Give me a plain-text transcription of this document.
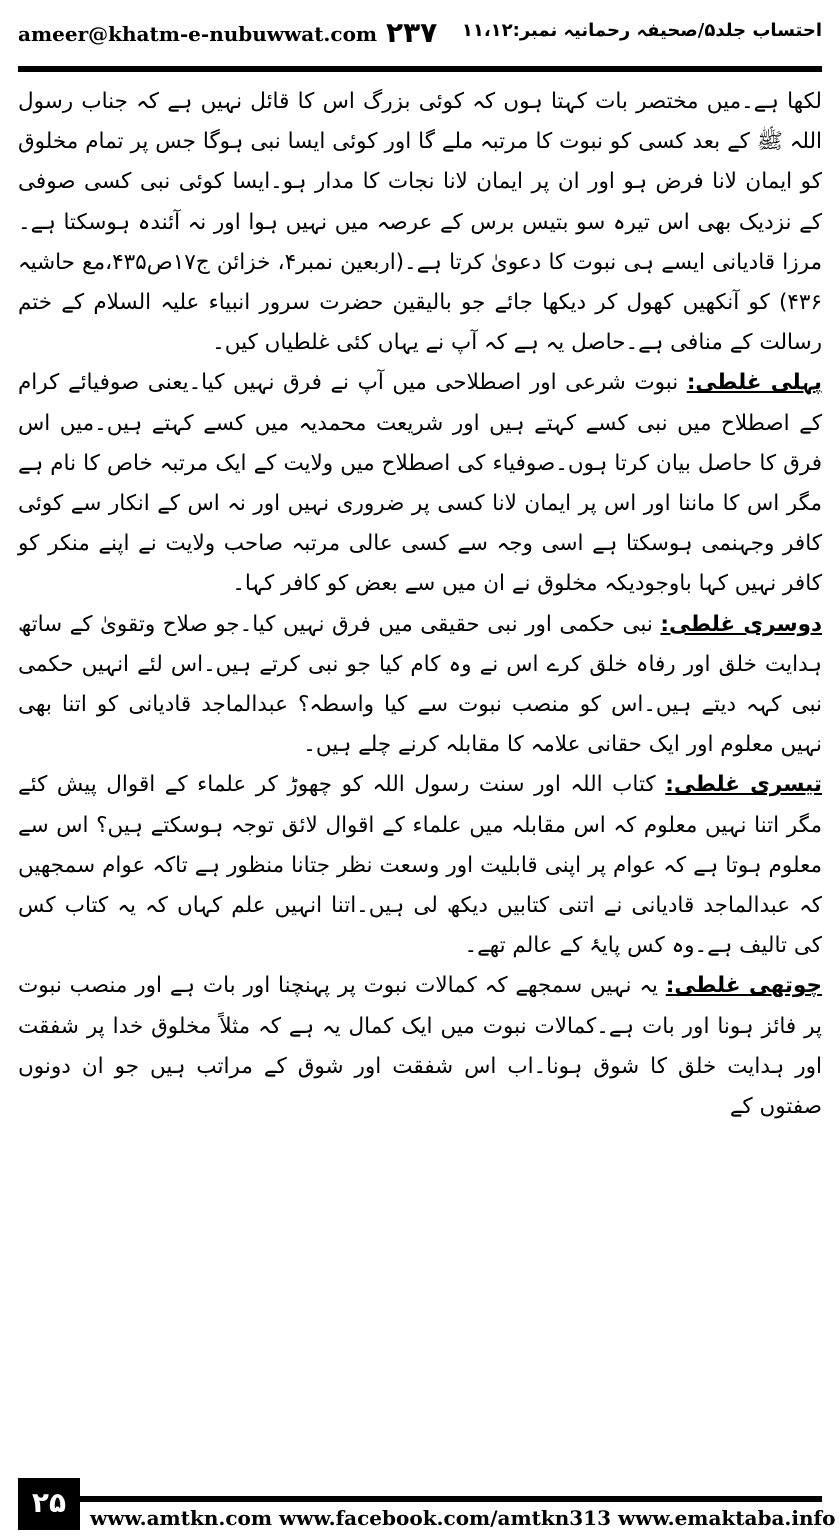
ameer@khatm-e-nubuwwat.com ۲۳۷ احتساب جلد۵/صحیفہ رحمانیہ نمبر:۱۱،۱۲

لکھا ہے۔میں مختصر بات کہتا ہوں کہ کوئی بزرگ اس کا قائل نہیں ہے کہ جناب رسول اللہ ﷺ کے بعد کسی کو نبوت کا مرتبہ ملے گا اور کوئی ایسا نبی ہوگا جس پر تمام مخلوق کو ایمان لانا فرض ہو اور ان پر ایمان لانا نجات کا مدار ہو۔ایسا کوئی نبی کسی صوفی کے نزدیک بھی اس تیرہ سو بتیس برس کے عرصہ میں نہیں ہوا اور نہ آئندہ ہوسکتا ہے۔مرزا قادیانی ایسے ہی نبوت کا دعویٰ کرتا ہے۔(اربعین نمبر۴، خزائن ج۱۷ص۴۳۵،مع حاشیہ ۴۳۶) کو آنکھیں کھول کر دیکھا جائے جو بالیقین حضرت سرور انبیاء علیہ السلام کے ختم رسالت کے منافی ہے۔حاصل یہ ہے کہ آپ نے یہاں کئی غلطیاں کیں۔

پہلی غلطی: نبوت شرعی اور اصطلاحی میں آپ نے فرق نہیں کیا۔یعنی صوفیائے کرام کے اصطلاح میں نبی کسے کہتے ہیں اور شریعت محمدیہ میں کسے کہتے ہیں۔میں اس فرق کا حاصل بیان کرتا ہوں۔صوفیاء کی اصطلاح میں ولایت کے ایک مرتبہ خاص کا نام ہے مگر اس کا ماننا اور اس پر ایمان لانا کسی پر ضروری نہیں اور نہ اس کے انکار سے کوئی کافر وجہنمی ہوسکتا ہے اسی وجہ سے کسی عالی مرتبہ صاحب ولایت نے اپنے منکر کو کافر نہیں کہا باوجودیکہ مخلوق نے ان میں سے بعض کو کافر کہا۔

دوسری غلطی: نبی حکمی اور نبی حقیقی میں فرق نہیں کیا۔جو صلاح وتقویٰ کے ساتھ ہدایت خلق اور رفاہ خلق کرے اس نے وہ کام کیا جو نبی کرتے ہیں۔اس لئے انہیں حکمی نبی کہہ دیتے ہیں۔اس کو منصب نبوت سے کیا واسطہ؟ عبدالماجد قادیانی کو اتنا بھی نہیں معلوم اور ایک حقانی علامہ کا مقابلہ کرنے چلے ہیں۔

تیسری غلطی: کتاب اللہ اور سنت رسول اللہ کو چھوڑ کر علماء کے اقوال پیش کئے مگر اتنا نہیں معلوم کہ اس مقابلہ میں علماء کے اقوال لائق توجہ ہوسکتے ہیں؟ اس سے معلوم ہوتا ہے کہ عوام پر اپنی قابلیت اور وسعت نظر جتانا منظور ہے تاکہ عوام سمجھیں کہ عبدالماجد قادیانی نے اتنی کتابیں دیکھ لی ہیں۔اتنا انہیں علم کہاں کہ یہ کتاب کس کی تالیف ہے۔وہ کس پایۂ کے عالم تھے۔

چوتھی غلطی: یہ نہیں سمجھے کہ کمالات نبوت پر پہنچنا اور بات ہے اور منصب نبوت پر فائز ہونا اور بات ہے۔کمالات نبوت میں ایک کمال یہ ہے کہ مثلاً مخلوق خدا پر شفقت اور ہدایت خلق کا شوق ہونا۔اب اس شفقت اور شوق کے مراتب ہیں جو ان دونوں صفتوں کے

۲۵	www.amtkn.com www.facebook.com/amtkn313 www.emaktaba.info
